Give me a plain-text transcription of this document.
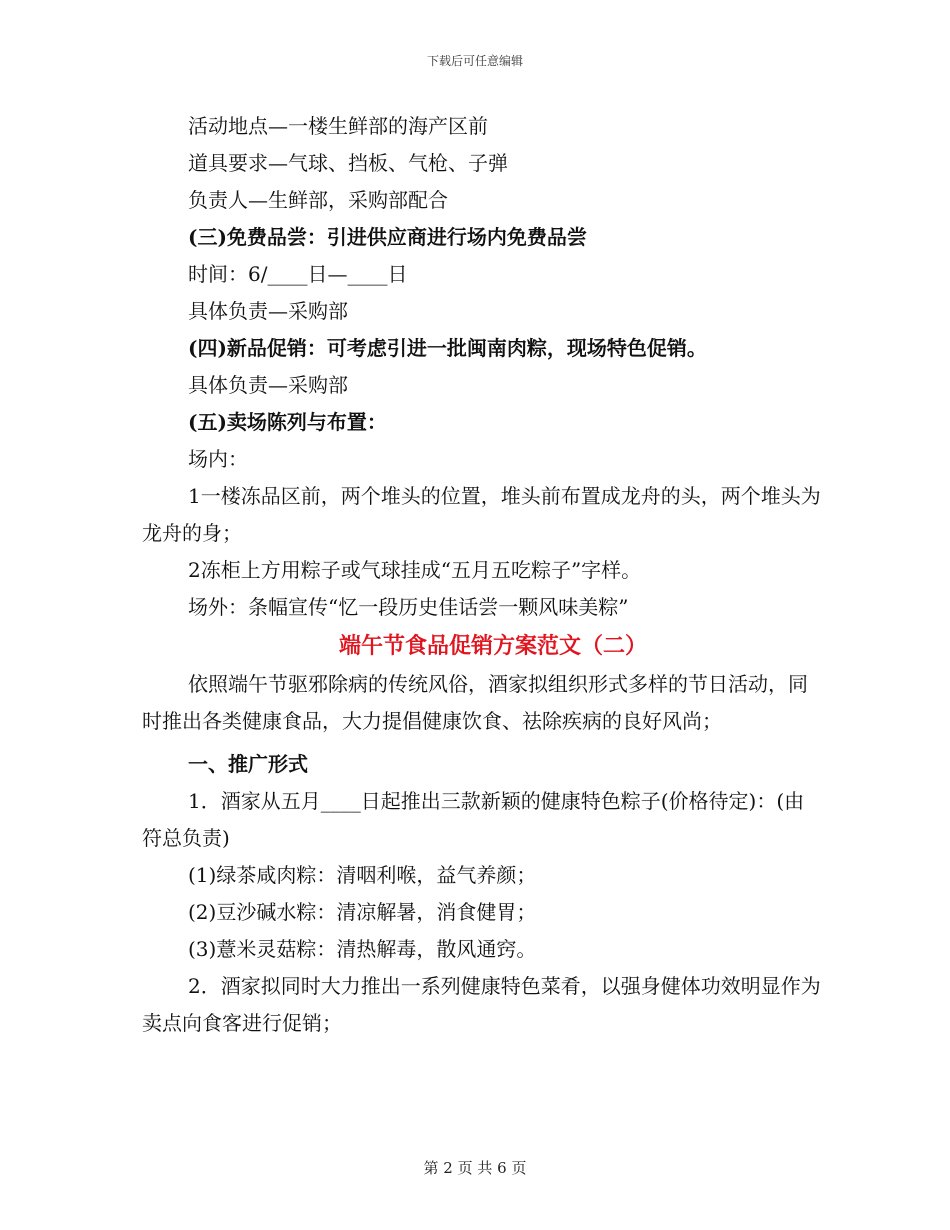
下载后可任意编辑

活动地点—一楼生鲜部的海产区前

道具要求—气球、挡板、气枪、子弹

负责人—生鲜部，采购部配合

(三)免费品尝：引进供应商进行场内免费品尝

时间：6/____日—____日

具体负责—采购部

(四)新品促销：可考虑引进一批闽南肉粽，现场特色促销。

具体负责—采购部

(五)卖场陈列与布置：

场内：

1一楼冻品区前，两个堆头的位置，堆头前布置成龙舟的头，两个堆头为龙舟的身；

2冻柜上方用粽子或气球挂成“五月五吃粽子”字样。

场外：条幅宣传“忆一段历史佳话尝一颗风味美粽”

端午节食品促销方案范文（二）

依照端午节驱邪除病的传统风俗，酒家拟组织形式多样的节日活动，同时推出各类健康食品，大力提倡健康饮食、祛除疾病的良好风尚；

一、推广形式

1．酒家从五月____日起推出三款新颖的健康特色粽子(价格待定)：(由符总负责)

(1)绿茶咸肉粽：清咽利喉，益气养颜；

(2)豆沙碱水粽：清凉解暑，消食健胃；

(3)薏米灵菇粽：清热解毒，散风通窍。

2．酒家拟同时大力推出一系列健康特色菜肴，以强身健体功效明显作为卖点向食客进行促销；

第 2 页 共 6 页
